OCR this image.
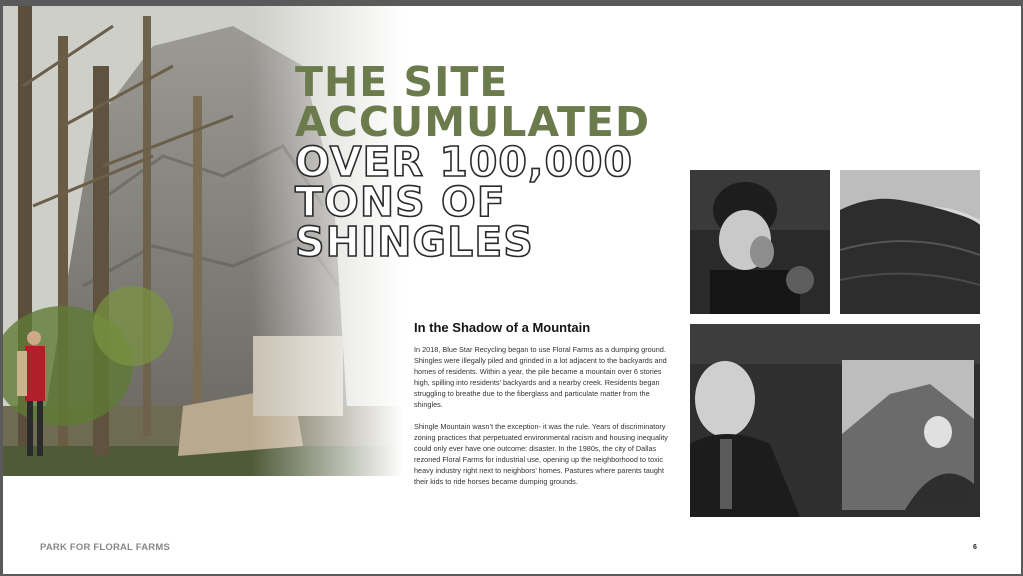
THE SITE
ACCUMULATED
OVER 100,000
TONS OF
SHINGLES
In the Shadow of a Mountain

In 2018, Blue Star Recycling began to use Floral Farms as a dumping ground. Shingles were illegally piled and grinded in a lot adjacent to the backyards and homes of residents. Within a year, the pile became a mountain over 6 stories high, spilling into residents’ backyards and a nearby creek. Residents began struggling to breathe due to the fiberglass and particulate matter from the shingles.

Shingle Mountain wasn’t the exception- it was the rule. Years of discriminatory zoning practices that perpetuated environmental racism and housing inequality could only ever have one outcome: disaster. In the 1980s, the city of Dallas rezoned Floral Farms for industrial use, opening up the neighborhood to toxic heavy industry right next to neighbors’ homes. Pastures where parents taught their kids to ride horses became dumping grounds.

PARK FOR FLORAL FARMS	6
